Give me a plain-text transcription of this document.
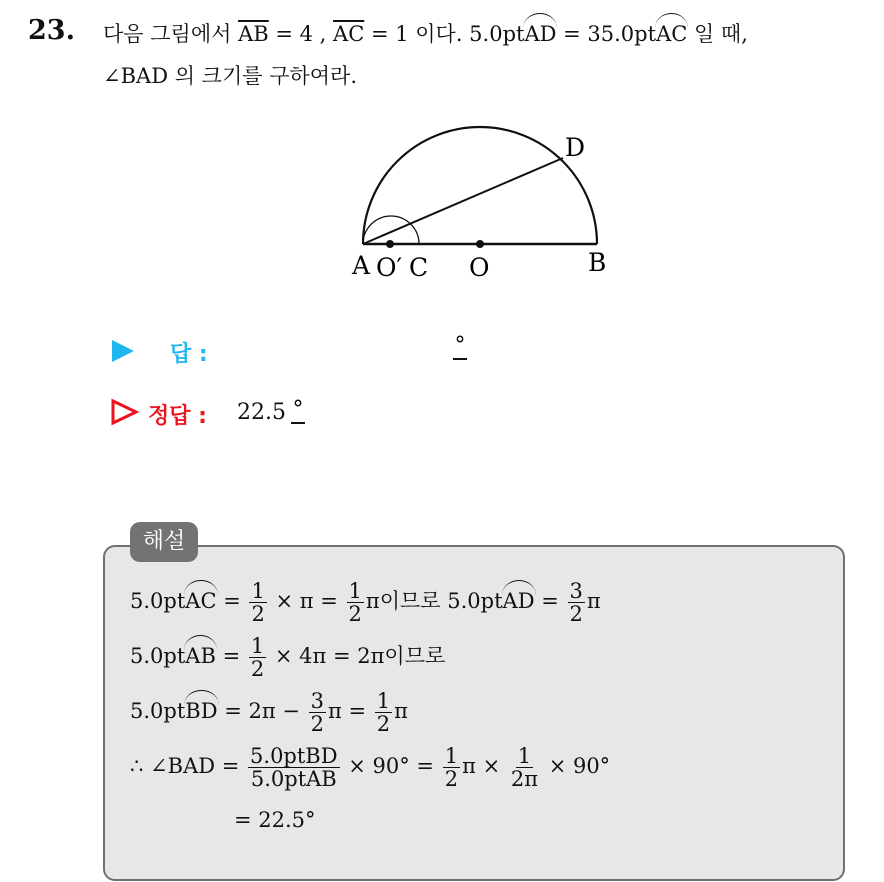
23. 다음 그림에서 $\overline{AB} = 4$ , $\overline{AC} = 1$ 이다. 5.0ptAD = 35.0ptAC 일 때,
∠BAD 의 크기를 구하여라.
A O′ C O	B
D
답 :	°
정답 : 22.5 °
해설
5.0ptAC = $\frac{1}{2} \times \pi = \frac{1}{2}$ π이므로 5.0ptAD = $\frac{3}{2}$ π
5.0ptAB = $\frac{1}{2} \times 4\pi = 2\pi$이므로
5.0ptBD = $2\pi - \frac{3}{2}$ $\pi = \frac{1}{2}$ π
∴ ∠BAD = $\frac{\text{5.0ptBD}}{\text{5.0ptAB}} \times 90^\circ = \frac{1}{2}$ $\pi \times \frac{1}{2\pi} \times 90^\circ$
= 22.5°
